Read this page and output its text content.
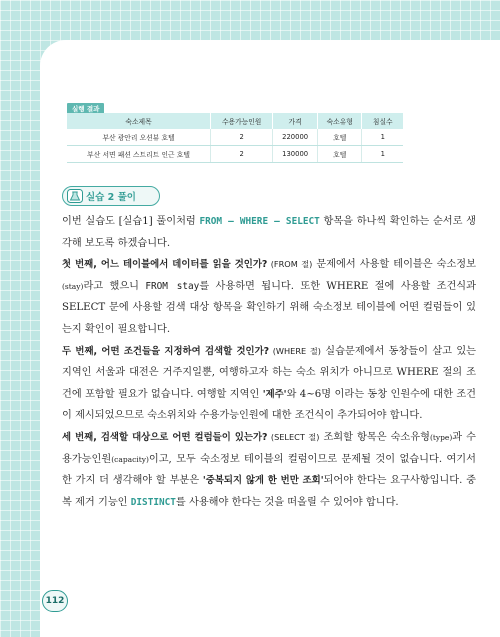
실행 결과
숙소제목	수용가능인원	가격	숙소유형	침실수
부산 광안리 오션뷰 호텔	2	220000	호텔	1
부산 서면 패션 스트리트 인근 호텔	2	130000	호텔	1
실습 2 풀이

이번 실습도 [실습1] 풀이처럼 FROM – WHERE – SELECT 항목을 하나씩 확인하는 순서로 생각해 보도록 하겠습니다.

첫 번째, 어느 테이블에서 데이터를 읽을 것인가? (FROM 절) 문제에서 사용할 테이블은 숙소정보(stay)라고 했으니 FROM stay를 사용하면 됩니다. 또한 WHERE 절에 사용할 조건식과 SELECT 문에 사용할 검색 대상 항목을 확인하기 위해 숙소정보 테이블에 어떤 컬럼들이 있는지 확인이 필요합니다.

두 번째, 어떤 조건들을 지정하여 검색할 것인가? (WHERE 절) 실습문제에서 동창들이 살고 있는 지역인 서울과 대전은 거주지일뿐, 여행하고자 하는 숙소 위치가 아니므로 WHERE 절의 조건에 포함할 필요가 없습니다. 여행할 지역인 '제주'와 4~6명 이라는 동창 인원수에 대한 조건이 제시되었으므로 숙소위치와 수용가능인원에 대한 조건식이 추가되어야 합니다.

세 번째, 검색할 대상으로 어떤 컬럼들이 있는가? (SELECT 절) 조회할 항목은 숙소유형(type)과 수용가능인원(capacity)이고, 모두 숙소정보 테이블의 컬럼이므로 문제될 것이 없습니다. 여기서 한 가지 더 생각해야 할 부분은 '중복되지 않게 한 번만 조회'되어야 한다는 요구사항입니다. 중복 제거 기능인 DISTINCT를 사용해야 한다는 것을 떠올릴 수 있어야 합니다.

112
